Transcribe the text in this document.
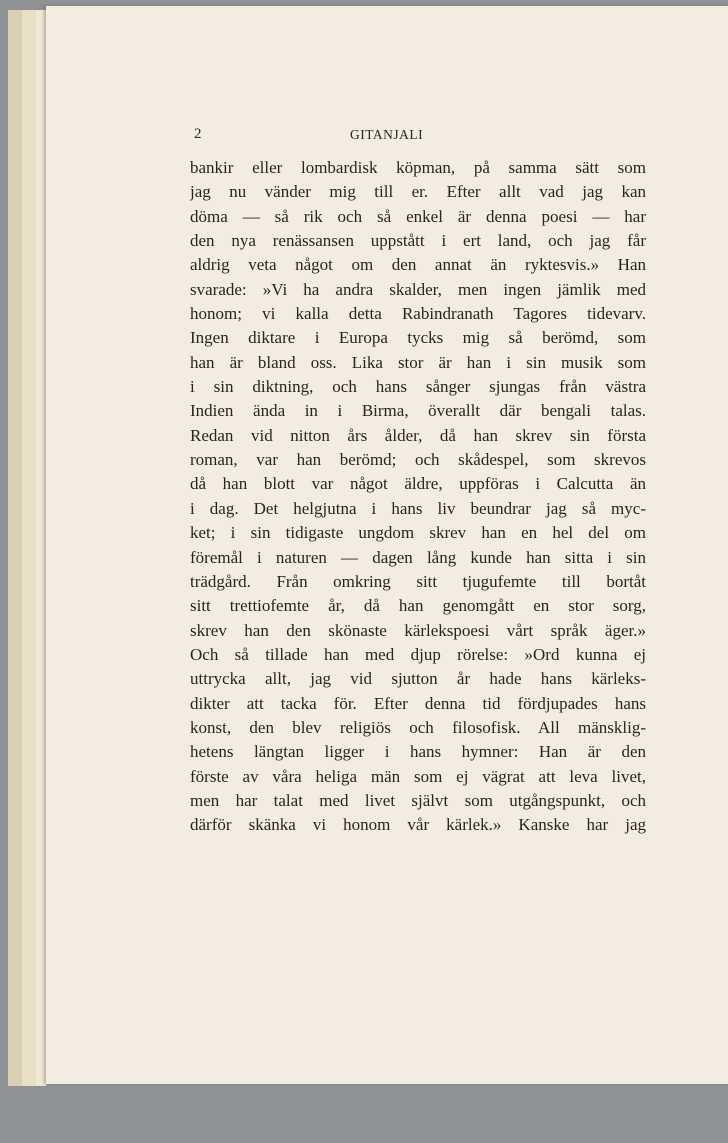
2	GITANJALI
bankir eller lombardisk köpman, på samma sätt som
jag nu vänder mig till er. Efter allt vad jag kan
döma — så rik och så enkel är denna poesi — har
den nya renässansen uppstått i ert land, och jag får
aldrig veta något om den annat än ryktesvis.» Han
svarade: »Vi ha andra skalder, men ingen jämlik med
honom; vi kalla detta Rabindranath Tagores tidevarv.
Ingen diktare i Europa tycks mig så berömd, som
han är bland oss. Lika stor är han i sin musik som
i sin diktning, och hans sånger sjungas från västra
Indien ända in i Birma, överallt där bengali talas.
Redan vid nitton års ålder, då han skrev sin första
roman, var han berömd; och skådespel, som skrevos
då han blott var något äldre, uppföras i Calcutta än
i dag. Det helgjutna i hans liv beundrar jag så myc-
ket; i sin tidigaste ungdom skrev han en hel del om
föremål i naturen — dagen lång kunde han sitta i sin
trädgård. Från omkring sitt tjugufemte till bortåt
sitt trettiofemte år, då han genomgått en stor sorg,
skrev han den skönaste kärlekspoesi vårt språk äger.»
Och så tillade han med djup rörelse: »Ord kunna ej
uttrycka allt, jag vid sjutton år hade hans kärleks-
dikter att tacka för. Efter denna tid fördjupades hans
konst, den blev religiös och filosofisk. All mänsklig-
hetens längtan ligger i hans hymner: Han är den
förste av våra heliga män som ej vägrat att leva livet,
men har talat med livet självt som utgångspunkt, och
därför skänka vi honom vår kärlek.» Kanske har jag
